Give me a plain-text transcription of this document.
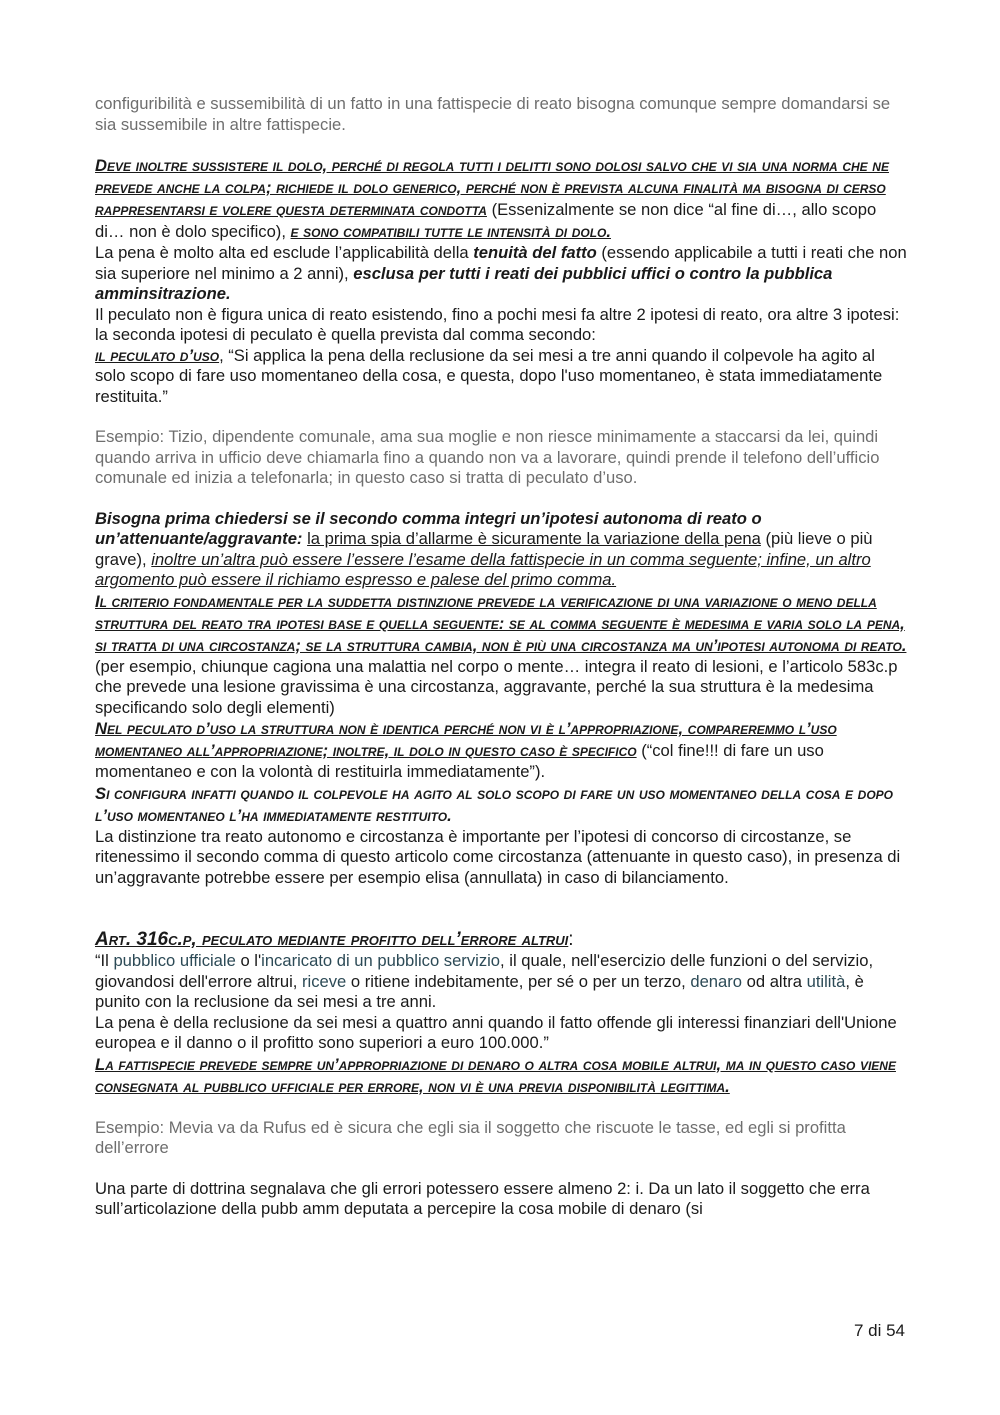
configuribilità e sussemibilità di un fatto in una fattispecie di reato bisogna comunque sempre domandarsi se sia sussemibile in altre fattispecie.

Deve inoltre sussistere il dolo, perché di regola tutti i delitti sono dolosi salvo che vi sia una norma che ne prevede anche la colpa; richiede il dolo generico, perché non è prevista alcuna finalità ma bisogna di cerso rappresentarsi e volere questa determinata condotta (Essenizalmente se non dice “al fine di…, allo scopo di… non è dolo specifico), e sono compatibili tutte le intensità di dolo.

La pena è molto alta ed esclude l’applicabilità della tenuità del fatto (essendo applicabile a tutti i reati che non sia superiore nel minimo a 2 anni), esclusa per tutti i reati dei pubblici uffici o contro la pubblica amminsitrazione.

Il peculato non è figura unica di reato esistendo, fino a pochi mesi fa altre 2 ipotesi di reato, ora altre 3 ipotesi: la seconda ipotesi di peculato è quella prevista dal comma secondo:

il peculato d’uso, “Si applica la pena della reclusione da sei mesi a tre anni quando il colpevole ha agito al solo scopo di fare uso momentaneo della cosa, e questa, dopo l'uso momentaneo, è stata immediatamente restituita.”

Esempio: Tizio, dipendente comunale, ama sua moglie e non riesce minimamente a staccarsi da lei, quindi quando arriva in ufficio deve chiamarla fino a quando non va a lavorare, quindi prende il telefono dell’ufficio comunale ed inizia a telefonarla; in questo caso si tratta di peculato d’uso.

Bisogna prima chiedersi se il secondo comma integri un’ipotesi autonoma di reato o un’attenuante/aggravante: la prima spia d’allarme è sicuramente la variazione della pena (più lieve o più grave), inoltre un’altra può essere l’essere l’esame della fattispecie in un comma seguente; infine, un altro argomento può essere il richiamo espresso e palese del primo comma.

Il criterio fondamentale per la suddetta distinzione prevede la verificazione di una variazione o meno della struttura del reato tra ipotesi base e quella seguente: se al comma seguente è medesima e varia solo la pena, si tratta di una circostanza; se la struttura cambia, non è più una circostanza ma un’ipotesi autonoma di reato. (per esempio, chiunque cagiona una malattia nel corpo o mente… integra il reato di lesioni, e l’articolo 583c.p che prevede una lesione gravissima è una circostanza, aggravante, perché la sua struttura è la medesima specificando solo degli elementi)

Nel peculato d’uso la struttura non è identica perché non vi è l’appropriazione, compareremmo l’uso momentaneo all’appropriazione; inoltre, il dolo in questo caso è specifico (“col fine!!! di fare un uso momentaneo e con la volontà di restituirla immediatamente”).

Si configura infatti quando il colpevole ha agito al solo scopo di fare un uso momentaneo della cosa e dopo l’uso momentaneo l’ha immediatamente restituito.

La distinzione tra reato autonomo e circostanza è importante per l’ipotesi di concorso di circostanze, se ritenessimo il secondo comma di questo articolo come circostanza (attenuante in questo caso), in presenza di un’aggravante potrebbe essere per esempio elisa (annullata) in caso di bilanciamento.

Art. 316c.p, peculato mediante profitto dell’errore altrui:

“Il pubblico ufficiale o l'incaricato di un pubblico servizio, il quale, nell'esercizio delle funzioni o del servizio, giovandosi dell'errore altrui, riceve o ritiene indebitamente, per sé o per un terzo, denaro od altra utilità, è punito con la reclusione da sei mesi a tre anni.

La pena è della reclusione da sei mesi a quattro anni quando il fatto offende gli interessi finanziari dell'Unione europea e il danno o il profitto sono superiori a euro 100.000.”

La fattispecie prevede sempre un’appropriazione di denaro o altra cosa mobile altrui, ma in questo caso viene consegnata al pubblico ufficiale per errore, non vi è una previa disponibilità legittima.

Esempio: Mevia va da Rufus ed è sicura che egli sia il soggetto che riscuote le tasse, ed egli si profitta dell’errore

Una parte di dottrina segnalava che gli errori potessero essere almeno 2: i. Da un lato il soggetto che erra sull’articolazione della pubb amm deputata a percepire la cosa mobile di denaro (si

7 di 54
